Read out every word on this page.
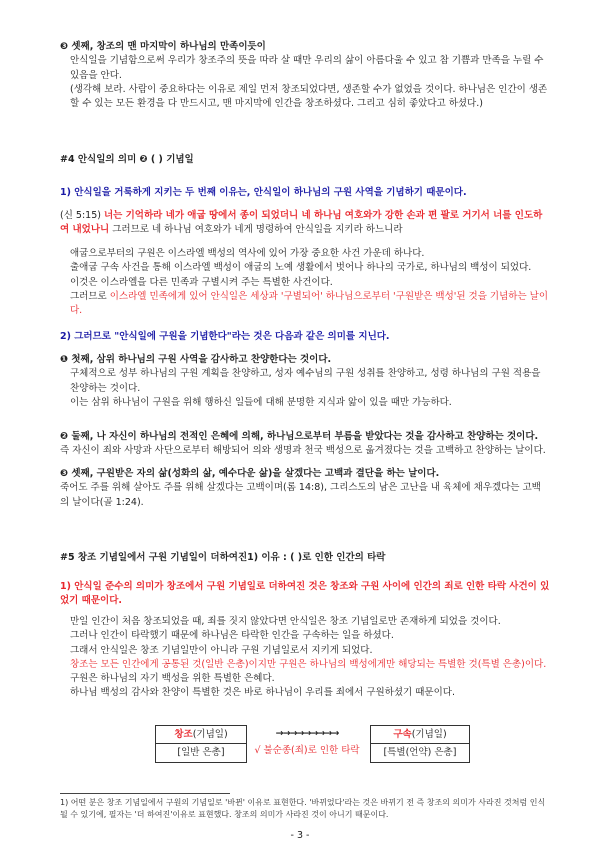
❸ 셋째, 창조의 맨 마지막이 하나님의 만족이듯이

안식일을 기념함으로써 우리가 창조주의 뜻을 따라 살 때만 우리의 삶이 아름다울 수 있고 참 기쁨과 만족을 누릴 수 있음을 안다.

(생각해 보라. 사람이 중요하다는 이유로 제일 먼저 창조되었다면, 생존할 수가 없었을 것이다. 하나님은 인간이 생존할 수 있는 모든 환경을 다 만드시고, 맨 마지막에 인간을 창조하셨다. 그리고 심히 좋았다고 하셨다.)

#4 안식일의 의미 ❷ ( ) 기념일

1) 안식일을 거룩하게 지키는 두 번째 이유는, 안식일이 하나님의 구원 사역을 기념하기 때문이다.

(신 5:15) 너는 기억하라 네가 애굽 땅에서 종이 되었더니 네 하나님 여호와가 강한 손과 편 팔로 거기서 너를 인도하여 내었나니 그러므로 네 하나님 여호와가 네게 명령하여 안식일을 지키라 하느니라

애굽으로부터의 구원은 이스라엘 백성의 역사에 있어 가장 중요한 사건 가운데 하나다.

출애굽 구속 사건을 통해 이스라엘 백성이 애굽의 노예 생활에서 벗어나 하나의 국가로, 하나님의 백성이 되었다.

이것은 이스라엘을 다른 민족과 구별시켜 주는 특별한 사건이다.

그러므로 이스라엘 민족에게 있어 안식일은 세상과 '구별되어' 하나님으로부터 '구원받은 백성'된 것을 기념하는 날이다.

2) 그러므로 "안식일에 구원을 기념한다"라는 것은 다음과 같은 의미를 지닌다.

❶ 첫째, 삼위 하나님의 구원 사역을 감사하고 찬양한다는 것이다.

구체적으로 성부 하나님의 구원 계획을 찬양하고, 성자 예수님의 구원 성취를 찬양하고, 성령 하나님의 구원 적용을 찬양하는 것이다.

이는 삼위 하나님이 구원을 위해 행하신 일들에 대해 분명한 지식과 앎이 있을 때만 가능하다.

❷ 둘째, 나 자신이 하나님의 전적인 은혜에 의해, 하나님으로부터 부름을 받았다는 것을 감사하고 찬양하는 것이다. 즉 자신이 죄와 사망과 사단으로부터 해방되어 의와 생명과 천국 백성으로 옮겨졌다는 것을 고백하고 찬양하는 날이다.

❸ 셋째, 구원받은 자의 삶(성화의 삶, 예수다운 삶)을 살겠다는 고백과 결단을 하는 날이다.

죽어도 주를 위해 살아도 주를 위해 살겠다는 고백이며(롬 14:8), 그리스도의 남은 고난을 내 육체에 채우겠다는 고백의 날이다(골 1:24).

#5 창조 기념일에서 구원 기념일이 더하여진1) 이유 : ( )로 인한 인간의 타락

1) 안식일 준수의 의미가 창조에서 구원 기념일로 더하여진 것은 창조와 구원 사이에 인간의 죄로 인한 타락 사건이 있었기 때문이다.

만일 인간이 처음 창조되었을 때, 죄를 짓지 않았다면 안식일은 창조 기념일로만 존재하게 되었을 것이다.

그러나 인간이 타락했기 때문에 하나님은 타락한 인간을 구속하는 일을 하셨다.

그래서 안식일은 창조 기념일만이 아니라 구원 기념일로서 지키게 되었다.

창조는 모든 인간에게 공통된 것(일반 은총)이지만 구원은 하나님의 백성에게만 해당되는 특별한 것(특별 은총)이다.

구원은 하나님의 자기 백성을 위한 특별한 은혜다.

하나님 백성의 감사와 찬양이 특별한 것은 바로 하나님이 우리를 죄에서 구원하셨기 때문이다.

창조(기념일)
[일반 은총]
→→→→→→→→→
√ 불순종(죄)로 인한 타락
구속(기념일)
[특별(언약) 은총]

1) 어떤 분은 창조 기념일에서 구원의 기념일로 '바뀐' 이유로 표현한다. '바뀌었다'라는 것은 바뀌기 전 즉 창조의 의미가 사라진 것처럼 인식될 수 있기에, 필자는 '더 하여진'이유로 표현했다. 창조의 의미가 사라진 것이 아니기 때문이다.

- 3 -
